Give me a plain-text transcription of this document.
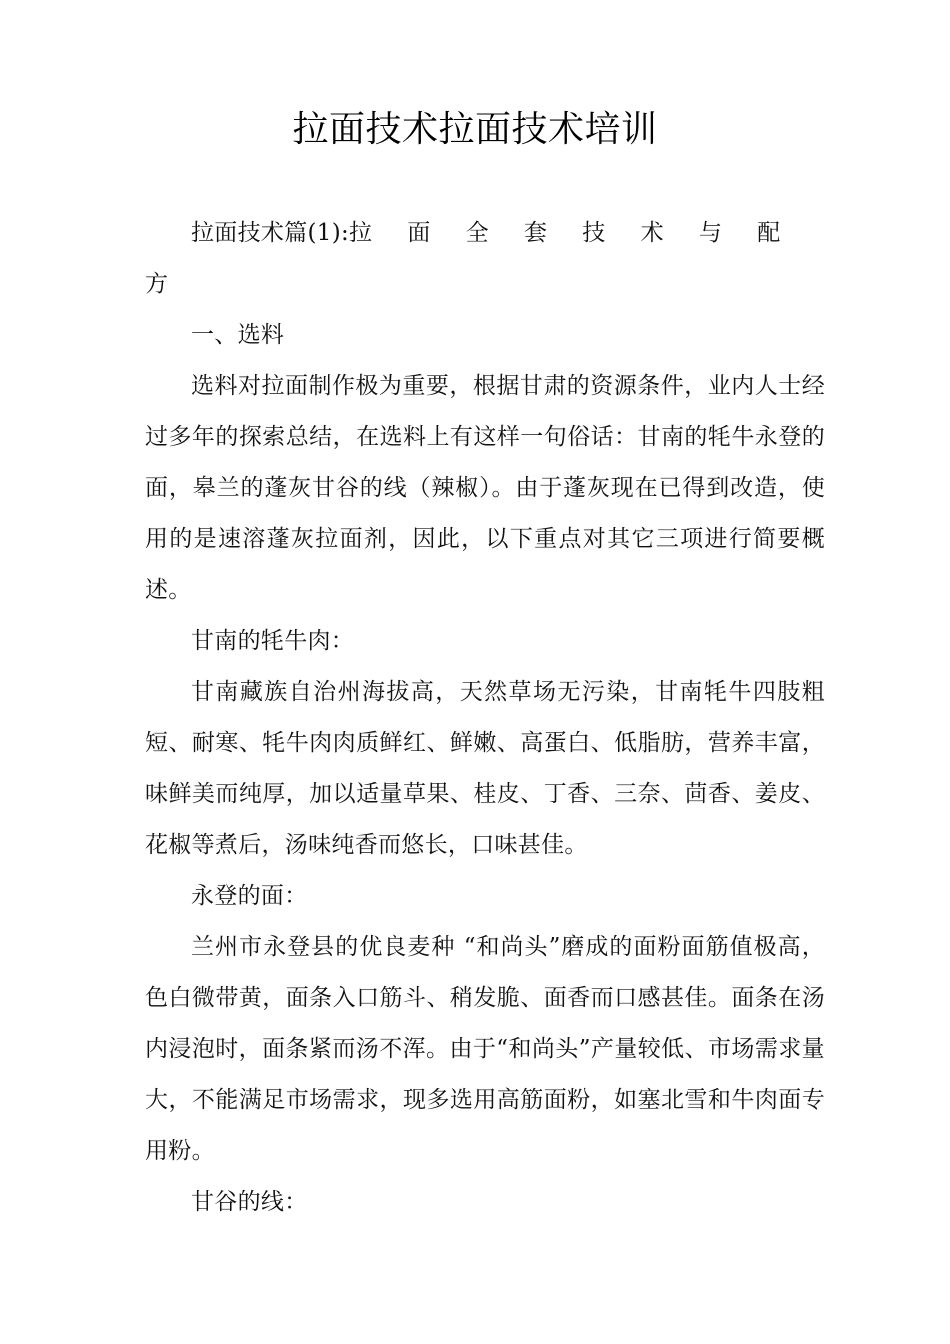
拉面技术拉面技术培训

拉面技术篇(1):拉 面 全 套 技 术 与 配 方

一、选料

选料对拉面制作极为重要，根据甘肃的资源条件，业内人士经过多年的探索总结，在选料上有这样一句俗话：甘南的牦牛永登的面，皋兰的蓬灰甘谷的线（辣椒）。由于蓬灰现在已得到改造，使用的是速溶蓬灰拉面剂，因此，以下重点对其它三项进行简要概述。

甘南的牦牛肉：

甘南藏族自治州海拔高，天然草场无污染，甘南牦牛四肢粗短、耐寒、牦牛肉肉质鲜红、鲜嫩、高蛋白、低脂肪，营养丰富，味鲜美而纯厚，加以适量草果、桂皮、丁香、三奈、茴香、姜皮、花椒等煮后，汤味纯香而悠长，口味甚佳。

永登的面：

兰州市永登县的优良麦种 “和尚头”磨成的面粉面筋值极高，色白微带黄，面条入口筋斗、稍发脆、面香而口感甚佳。面条在汤内浸泡时，面条紧而汤不浑。由于“和尚头”产量较低、市场需求量大，不能满足市场需求，现多选用高筋面粉，如塞北雪和牛肉面专用粉。

甘谷的线：
